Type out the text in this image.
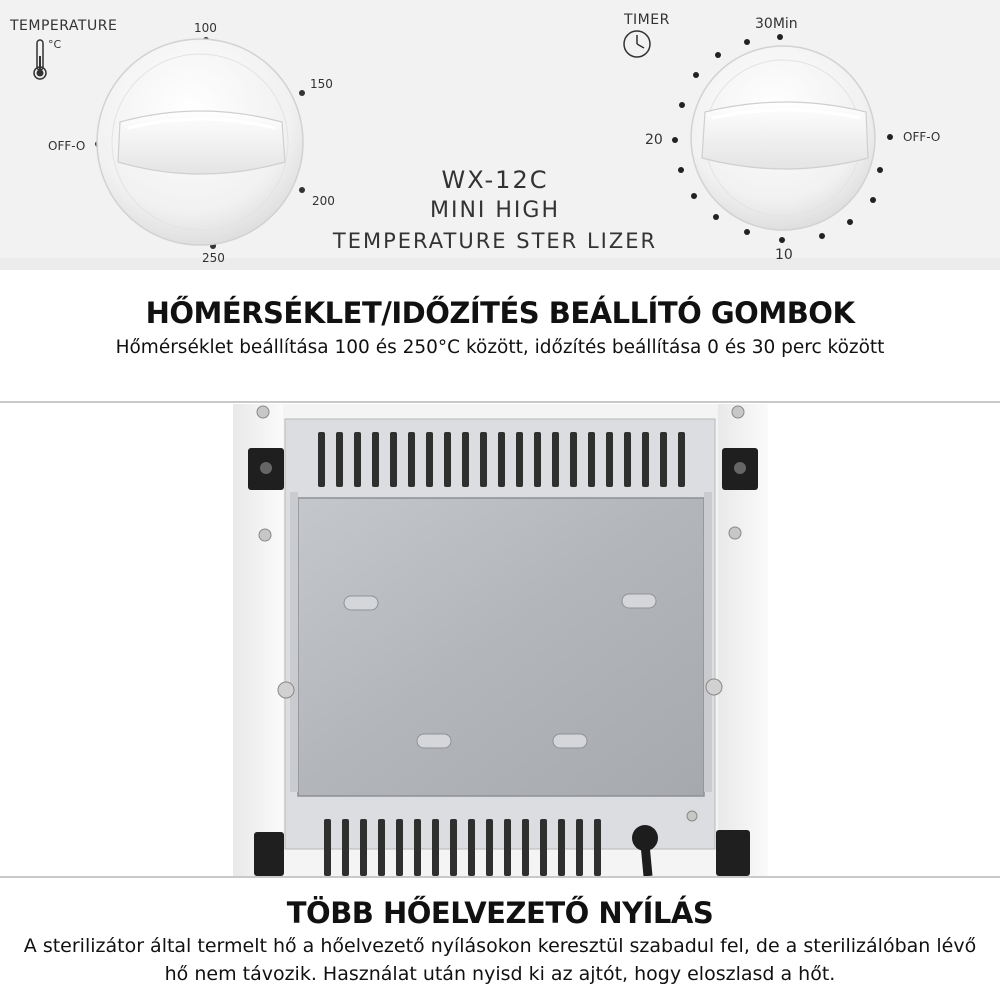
TEMPERATURE
°C
100
150
200
250
OFF-O
WX-12C
MINI HIGH
TEMPERATURE STER LIZER
TIMER	30Min
20
10
OFF-O
HŐMÉRSÉKLET/IDŐZÍTÉS BEÁLLÍTÓ GOMBOK
Hőmérséklet beállítása 100 és 250°C között, időzítés beállítása 0 és 30 perc között
TÖBB HŐELVEZETŐ NYÍLÁS
A sterilizátor által termelt hő a hőelvezető nyílásokon keresztül szabadul fel, de a sterilizálóban lévő
hő nem távozik. Használat után nyisd ki az ajtót, hogy eloszlasd a hőt.
